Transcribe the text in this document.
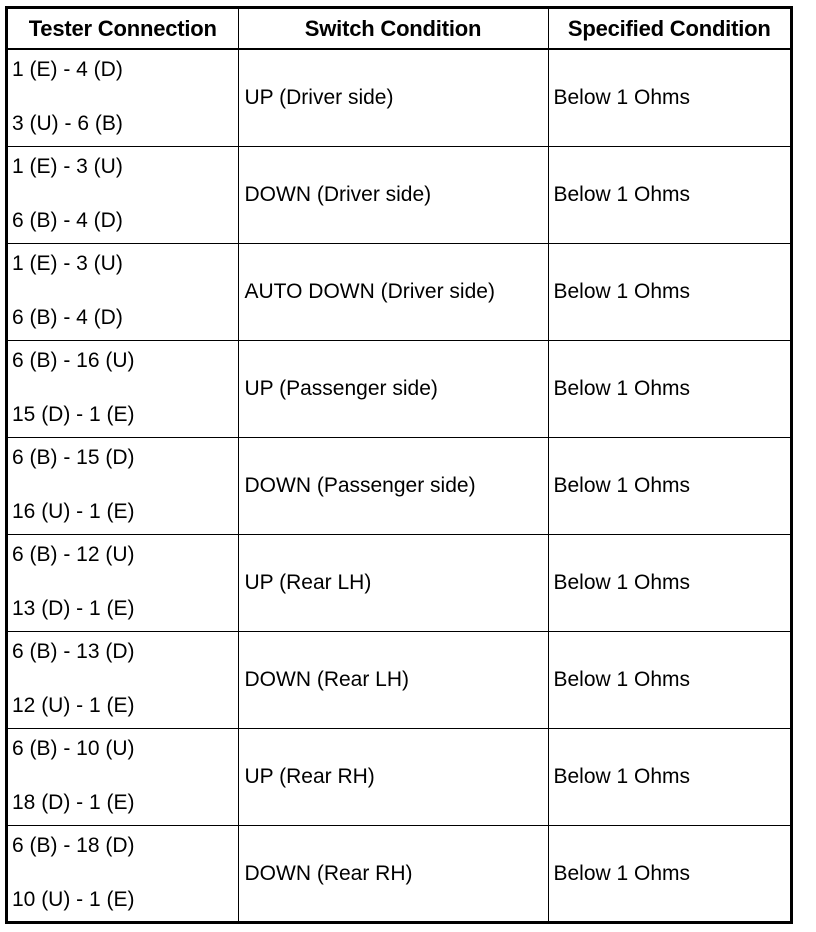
Tester Connection	Switch Condition	Specified Condition

1 (E) - 4 (D)
3 (U) - 6 (B)	UP (Driver side)	Below 1 Ohms

1 (E) - 3 (U)
6 (B) - 4 (D)	DOWN (Driver side)	Below 1 Ohms

1 (E) - 3 (U)
6 (B) - 4 (D)	AUTO DOWN (Driver side)	Below 1 Ohms

6 (B) - 16 (U)
15 (D) - 1 (E)	UP (Passenger side)	Below 1 Ohms

6 (B) - 15 (D)
16 (U) - 1 (E)	DOWN (Passenger side)	Below 1 Ohms

6 (B) - 12 (U)
13 (D) - 1 (E)	UP (Rear LH)	Below 1 Ohms

6 (B) - 13 (D)
12 (U) - 1 (E)	DOWN (Rear LH)	Below 1 Ohms

6 (B) - 10 (U)
18 (D) - 1 (E)	UP (Rear RH)	Below 1 Ohms

6 (B) - 18 (D)
10 (U) - 1 (E)	DOWN (Rear RH)	Below 1 Ohms
